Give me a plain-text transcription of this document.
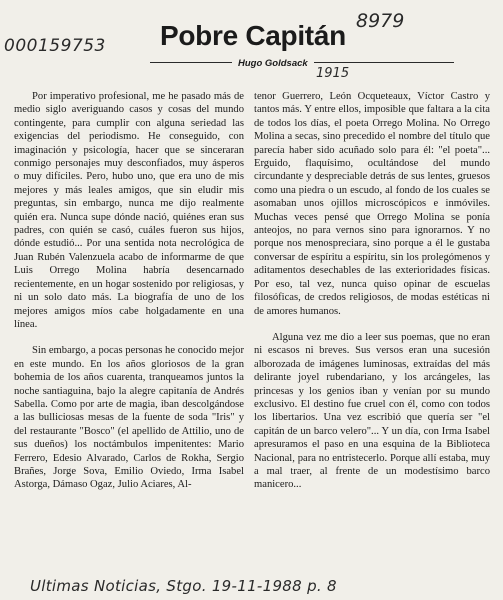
000159753
8979
1915
Pobre Capitán
Hugo Goldsack

Por imperativo profesional, me he pasado más de medio siglo averiguando casos y cosas del mundo contingente, para cumplir con alguna seriedad las exigencias del periodismo. He conseguido, con imaginación y psicología, hacer que se sinceraran conmigo personajes muy desconfiados, muy ásperos o muy difíciles. Pero, hubo uno, que era uno de mis mejores y más leales amigos, que sin eludir mis preguntas, sin embargo, nunca me dijo realmente quién era. Nunca supe dónde nació, quiénes eran sus padres, con quién se casó, cuáles fueron sus hijos, dónde estudió... Por una sentida nota necrológica de Juan Rubén Valenzuela acabo de informarme de que Luis Orrego Molina habría desencarnado recientemente, en un hogar sostenido por religiosas, y ni un solo dato más. La biografía de uno de los mejores amigos míos cabe holgadamente en una línea.

Sin embargo, a pocas personas he conocido mejor en este mundo. En los años gloriosos de la gran bohemia de los años cuarenta, tranqueamos juntos la noche santiaguina, bajo la alegre capitanía de Andrés Sabella. Como por arte de magia, iban descolgándose a las bulliciosas mesas de la fuente de soda "Iris" y del restaurante "Bosco" (el apellido de Attilio, uno de sus dueños) los noctámbulos impenitentes: Mario Ferrero, Edesio Alvarado, Carlos de Rokha, Sergio Brañes, Jorge Sova, Emilio Oviedo, Irma Isabel Astorga, Dámaso Ogaz, Julio Aciares, Al-

tenor Guerrero, León Ocqueteaux, Víctor Castro y tantos más. Y entre ellos, imposible que faltara a la cita de todos los días, el poeta Orrego Molina. No Orrego Molina a secas, sino precedido el nombre del título que parecía haber sido acuñado solo para él: "el poeta"... Erguido, flaquísimo, ocultándose del mundo circundante y despreciable detrás de sus lentes, gruesos como una piedra o un escudo, al fondo de los cuales se asomaban unos ojillos microscópicos e inmóviles. Muchas veces pensé que Orrego Molina se ponía anteojos, no para vernos sino para ignorarnos. Y no porque nos menospreciara, sino porque a él le gustaba conversar de espíritu a espíritu, sin los prolegómenos y aditamentos desechables de las exterioridades físicas. Por eso, tal vez, nunca quiso opinar de escuelas filosóficas, de credos religiosos, de modas estéticas ni de amores humanos.

Alguna vez me dio a leer sus poemas, que no eran ni escasos ni breves. Sus versos eran una sucesión alborozada de imágenes luminosas, extraídas del más delirante joyel rubendariano, y los arcángeles, las princesas y los genios iban y venían por su mundo exclusivo. El destino fue cruel con él, como con todos los libertarios. Una vez escribió que quería ser "el capitán de un barco velero"... Y un día, con Irma Isabel apresuramos el paso en una esquina de la Biblioteca Nacional, para no entristecerlo. Porque allí estaba, muy a mal traer, al frente de un modestísimo barco manicero...

Ultimas Noticias, Stgo. 19-11-1988 p. 8
